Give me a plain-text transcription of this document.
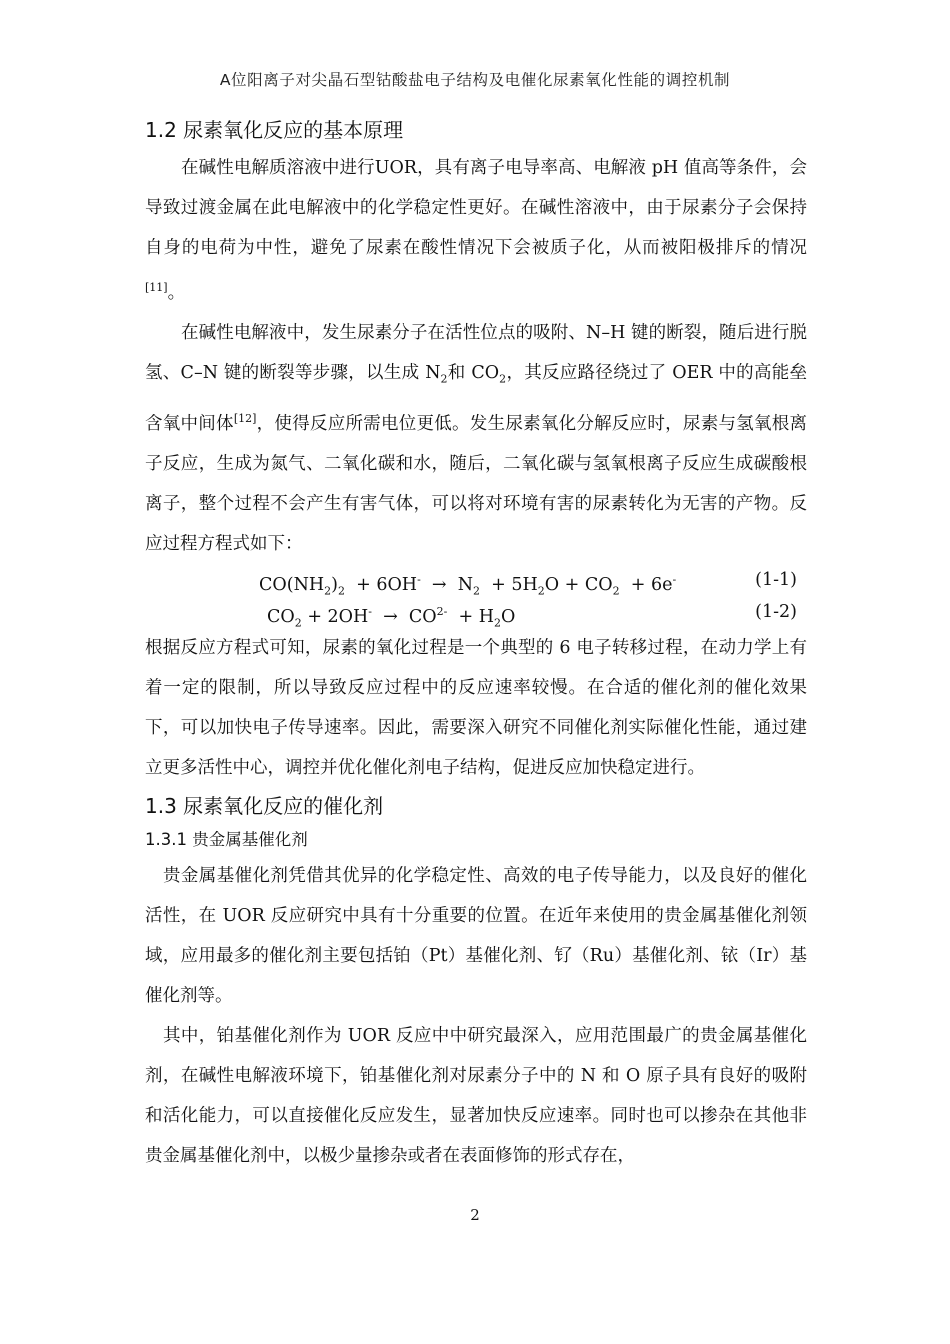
A位阳离子对尖晶石型钴酸盐电子结构及电催化尿素氧化性能的调控机制
1.2 尿素氧化反应的基本原理

在碱性电解质溶液中进行UOR，具有离子电导率高、电解液 pH 值高等条件，会导致过渡金属在此电解液中的化学稳定性更好。在碱性溶液中，由于尿素分子会保持自身的电荷为中性，避免了尿素在酸性情况下会被质子化，从而被阳极排斥的情况[11]。

在碱性电解液中，发生尿素分子在活性位点的吸附、N–H 键的断裂，随后进行脱氢、C–N 键的断裂等步骤，以生成 $N_2$和 $CO_2$，其反应路径绕过了 OER 中的高能垒含氧中间体[12]，使得反应所需电位更低。发生尿素氧化分解反应时，尿素与氢氧根离子反应，生成为氮气、二氧化碳和水，随后，二氧化碳与氢氧根离子反应生成碳酸根离子，整个过程不会产生有害气体，可以将对环境有害的尿素转化为无害的产物。反应过程方程式如下：

$CO(NH_2)_2 + 6OH^- \to N_2 + 5H_2O + CO_2 + 6e^-$	(1-1)
$CO_2 + 2OH^- \to CO^{2-} + H_2O$	(1-2)

根据反应方程式可知，尿素的氧化过程是一个典型的 6 电子转移过程，在动力学上有着一定的限制，所以导致反应过程中的反应速率较慢。在合适的催化剂的催化效果下，可以加快电子传导速率。因此，需要深入研究不同催化剂实际催化性能，通过建立更多活性中心，调控并优化催化剂电子结构，促进反应加快稳定进行。

1.3 尿素氧化反应的催化剂
1.3.1 贵金属基催化剂

贵金属基催化剂凭借其优异的化学稳定性、高效的电子传导能力，以及良好的催化活性，在 UOR 反应研究中具有十分重要的位置。在近年来使用的贵金属基催化剂领域，应用最多的催化剂主要包括铂（Pt）基催化剂、钌（Ru）基催化剂、铱（Ir）基催化剂等。

其中，铂基催化剂作为 UOR 反应中中研究最深入，应用范围最广的贵金属基催化剂，在碱性电解液环境下，铂基催化剂对尿素分子中的 N 和 O 原子具有良好的吸附和活化能力，可以直接催化反应发生，显著加快反应速率。同时也可以掺杂在其他非贵金属基催化剂中，以极少量掺杂或者在表面修饰的形式存在，

2
